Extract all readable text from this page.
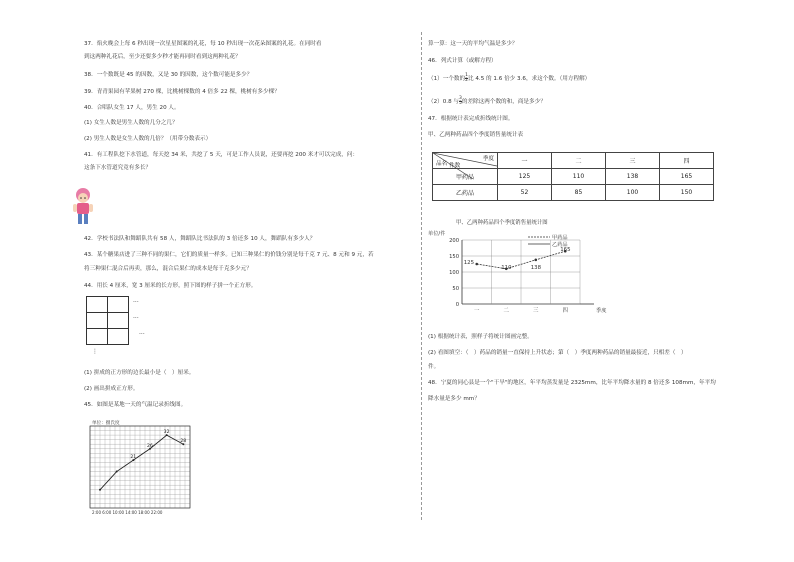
37．焰火晚会上每 6 秒出现一次星星图案的礼花，每 10 秒出现一次花朵图案的礼花。在同时看
到这两种礼花后，至少还要多少秒才能再同时看到这两种礼花？
38．一个数既是 45 的因数，又是 30 的因数，这个数可能是多少？
39．青青果园有苹果树 270 棵，比桃树棵数的 4 倍多 22 棵，桃树有多少棵？
40．合唱队女生 17 人，男生 20 人。
(1) 女生人数是男生人数的几分之几？
(2) 男生人数是女生人数的几倍？（用带分数表示）
41．有工程队挖下水管道，每天挖 34 米，共挖了 5 天，可是工作人员说，还要再挖 200 米才可以完成，问：
这条下水管道究竟有多长？
42．学校书法队和舞蹈队共有 58 人，舞蹈队比书法队的 3 倍还多 10 人，舞蹈队有多少人？
43．某个糖果店进了三种不同的果仁，它们的质量一样多。已知三种果仁的价钱分别是每千克 7 元、8 元和 9 元，若
将三种果仁混合后再卖，那么，混合后果仁的成本是每千克多少元？
44．用长 4 厘米，宽 3 厘米的长方形，照下图的样子拼一个正方形。
···
···
···
⋮
(1) 拼成的正方形的边长最小是（　）厘米。
(2) 画出拼成正方形。
45．如图是某地一天的气温记录折线图。
单位：摄氏度
21
26
32
28
2:00 6:00 10:00 14:00 18:00 22:00
算一算：这一天的平均气温是多少？
46．列式计算（或解方程）
（1）一个数的 $\frac{1}{2}$ 比 4.5 的 1.6 倍少 3.6，求这个数。（用方程解）
（2）0.8 与 $\frac{3}{5}$ 的差除这两个数的和，商是多少？
47．根据统计表完成折线统计图。
甲、乙两种药品四个季度销售量统计表
季度
件数
品名	一	二	三	四
甲药品	125	110	138	165
乙药品	52	85	100	150
甲、乙两种药品四个季度销售量统计图
单位/件
0
50
100
150
200
季度
一	二	三	四
甲药品
乙药品
125
110	138
165
(1) 根据统计表，照样子将统计图画完整。
(2) 看图填空：（　）药品的销量一直保持上升状态；第（　）季度两种药品的销量最接近，只相差（　）
件。
48．宁夏的同心县是一个"干旱"的地区，年平均蒸发量是 2325mm，比年平均降水量的 8 倍还多 108mm，年平均
降水量是多少 mm？
